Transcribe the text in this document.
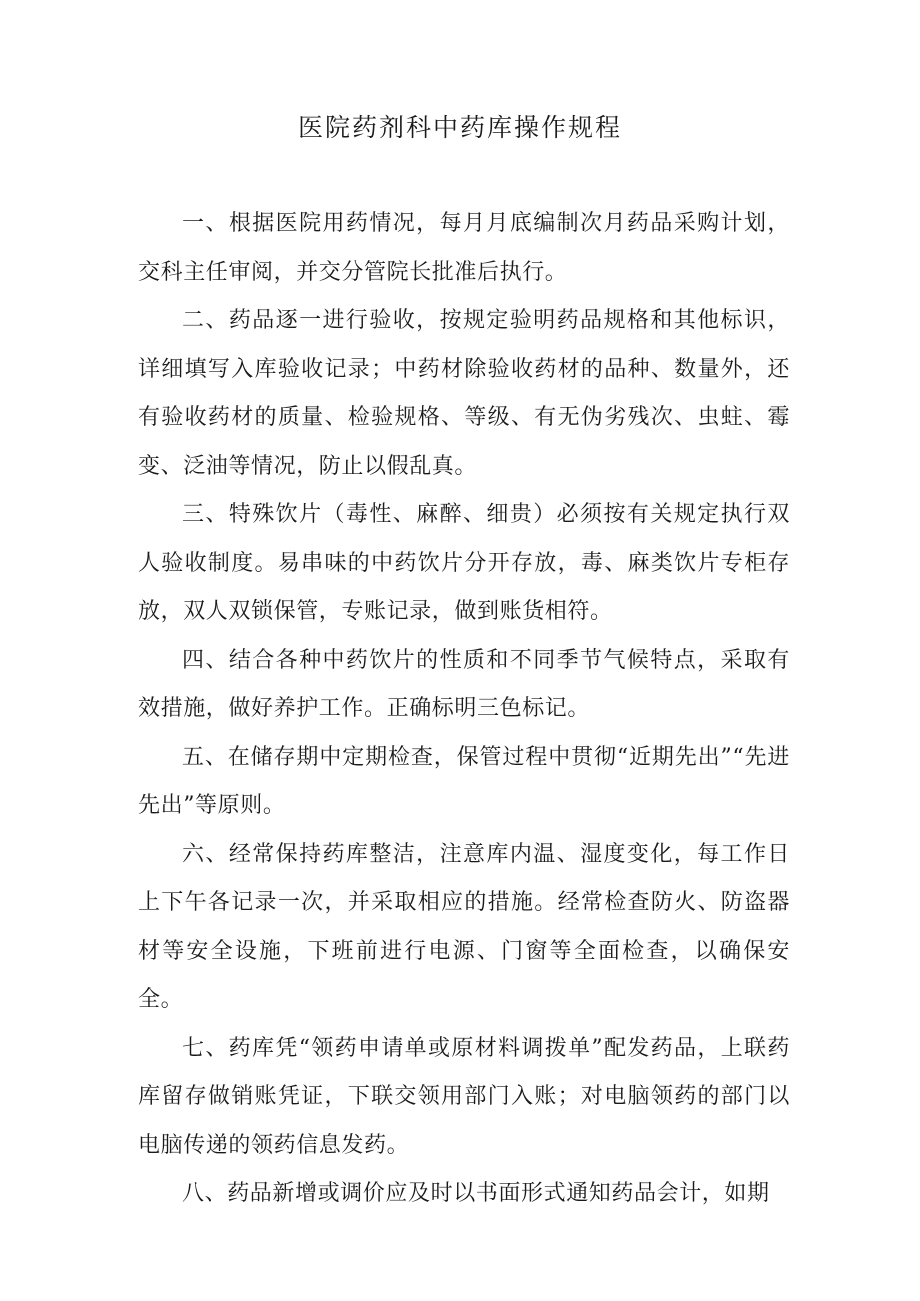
医院药剂科中药库操作规程

一、根据医院用药情况，每月月底编制次月药品采购计划，交科主任审阅，并交分管院长批准后执行。

二、药品逐一进行验收，按规定验明药品规格和其他标识，详细填写入库验收记录；中药材除验收药材的品种、数量外，还有验收药材的质量、检验规格、等级、有无伪劣残次、虫蛀、霉变、泛油等情况，防止以假乱真。

三、特殊饮片（毒性、麻醉、细贵）必须按有关规定执行双人验收制度。易串味的中药饮片分开存放，毒、麻类饮片专柜存放，双人双锁保管，专账记录，做到账货相符。

四、结合各种中药饮片的性质和不同季节气候特点，采取有效措施，做好养护工作。正确标明三色标记。

五、在储存期中定期检查，保管过程中贯彻“近期先出”“先进先出”等原则。

六、经常保持药库整洁，注意库内温、湿度变化，每工作日上下午各记录一次，并采取相应的措施。经常检查防火、防盗器材等安全设施，下班前进行电源、门窗等全面检查，以确保安全。

七、药库凭“领药申请单或原材料调拨单”配发药品，上联药库留存做销账凭证，下联交领用部门入账；对电脑领药的部门以电脑传递的领药信息发药。

八、药品新增或调价应及时以书面形式通知药品会计，如期
